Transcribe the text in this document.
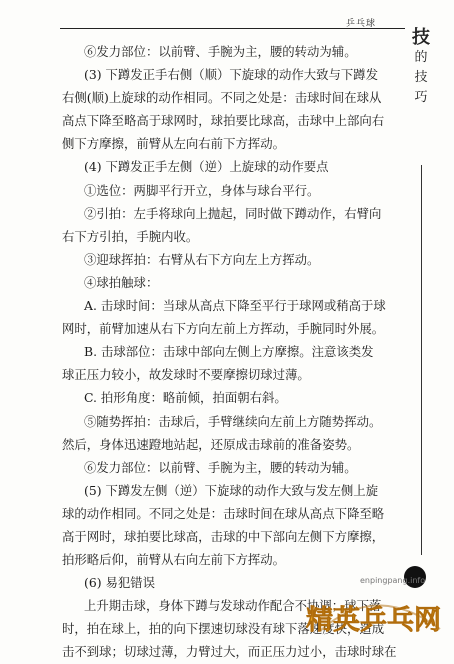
乒乓球
技
的
技
巧
⑥发力部位：以前臂、手腕为主，腰的转动为辅。
(3) 下蹲发正手右侧（顺）下旋球的动作大致与下蹲发
右侧(顺)上旋球的动作相同。不同之处是：击球时间在球从
高点下降至略高于球网时，球拍要比球高，击球中上部向右
侧下方摩擦，前臂从左向右前下方挥动。
(4) 下蹲发正手左侧（逆）上旋球的动作要点
①选位：两脚平行开立，身体与球台平行。
②引拍：左手将球向上抛起，同时做下蹲动作，右臂向
右下方引拍，手腕内收。
③迎球挥拍：右臂从右下方向左上方挥动。
④球拍触球：
A. 击球时间：当球从高点下降至平行于球网或稍高于球
网时，前臂加速从右下方向左前上方挥动，手腕同时外展。
B. 击球部位：击球中部向左侧上方摩擦。注意该类发
球正压力较小，故发球时不要摩擦切球过薄。
C. 拍形角度：略前倾，拍面朝右斜。
⑤随势挥拍：击球后，手臂继续向左前上方随势挥动。
然后，身体迅速蹬地站起，还原成击球前的准备姿势。
⑥发力部位：以前臂、手腕为主，腰的转动为辅。
(5) 下蹲发左侧（逆）下旋球的动作大致与发左侧上旋
球的动作相同。不同之处是：击球时间在球从高点下降至略
高于网时，球拍要比球高，击球的中下部向左侧下方摩擦，
拍形略后仰，前臂从右向左前下方挥动。
(6) 易犯错误
上升期击球，身体下蹲与发球动作配合不协调；球下落
时，拍在球上，拍的向下摆速切球没有球下落速度快，造成
击不到球；切球过薄，力臂过大，而正压力过小，击球时球在
enpingpang.info
精英乒乓网
